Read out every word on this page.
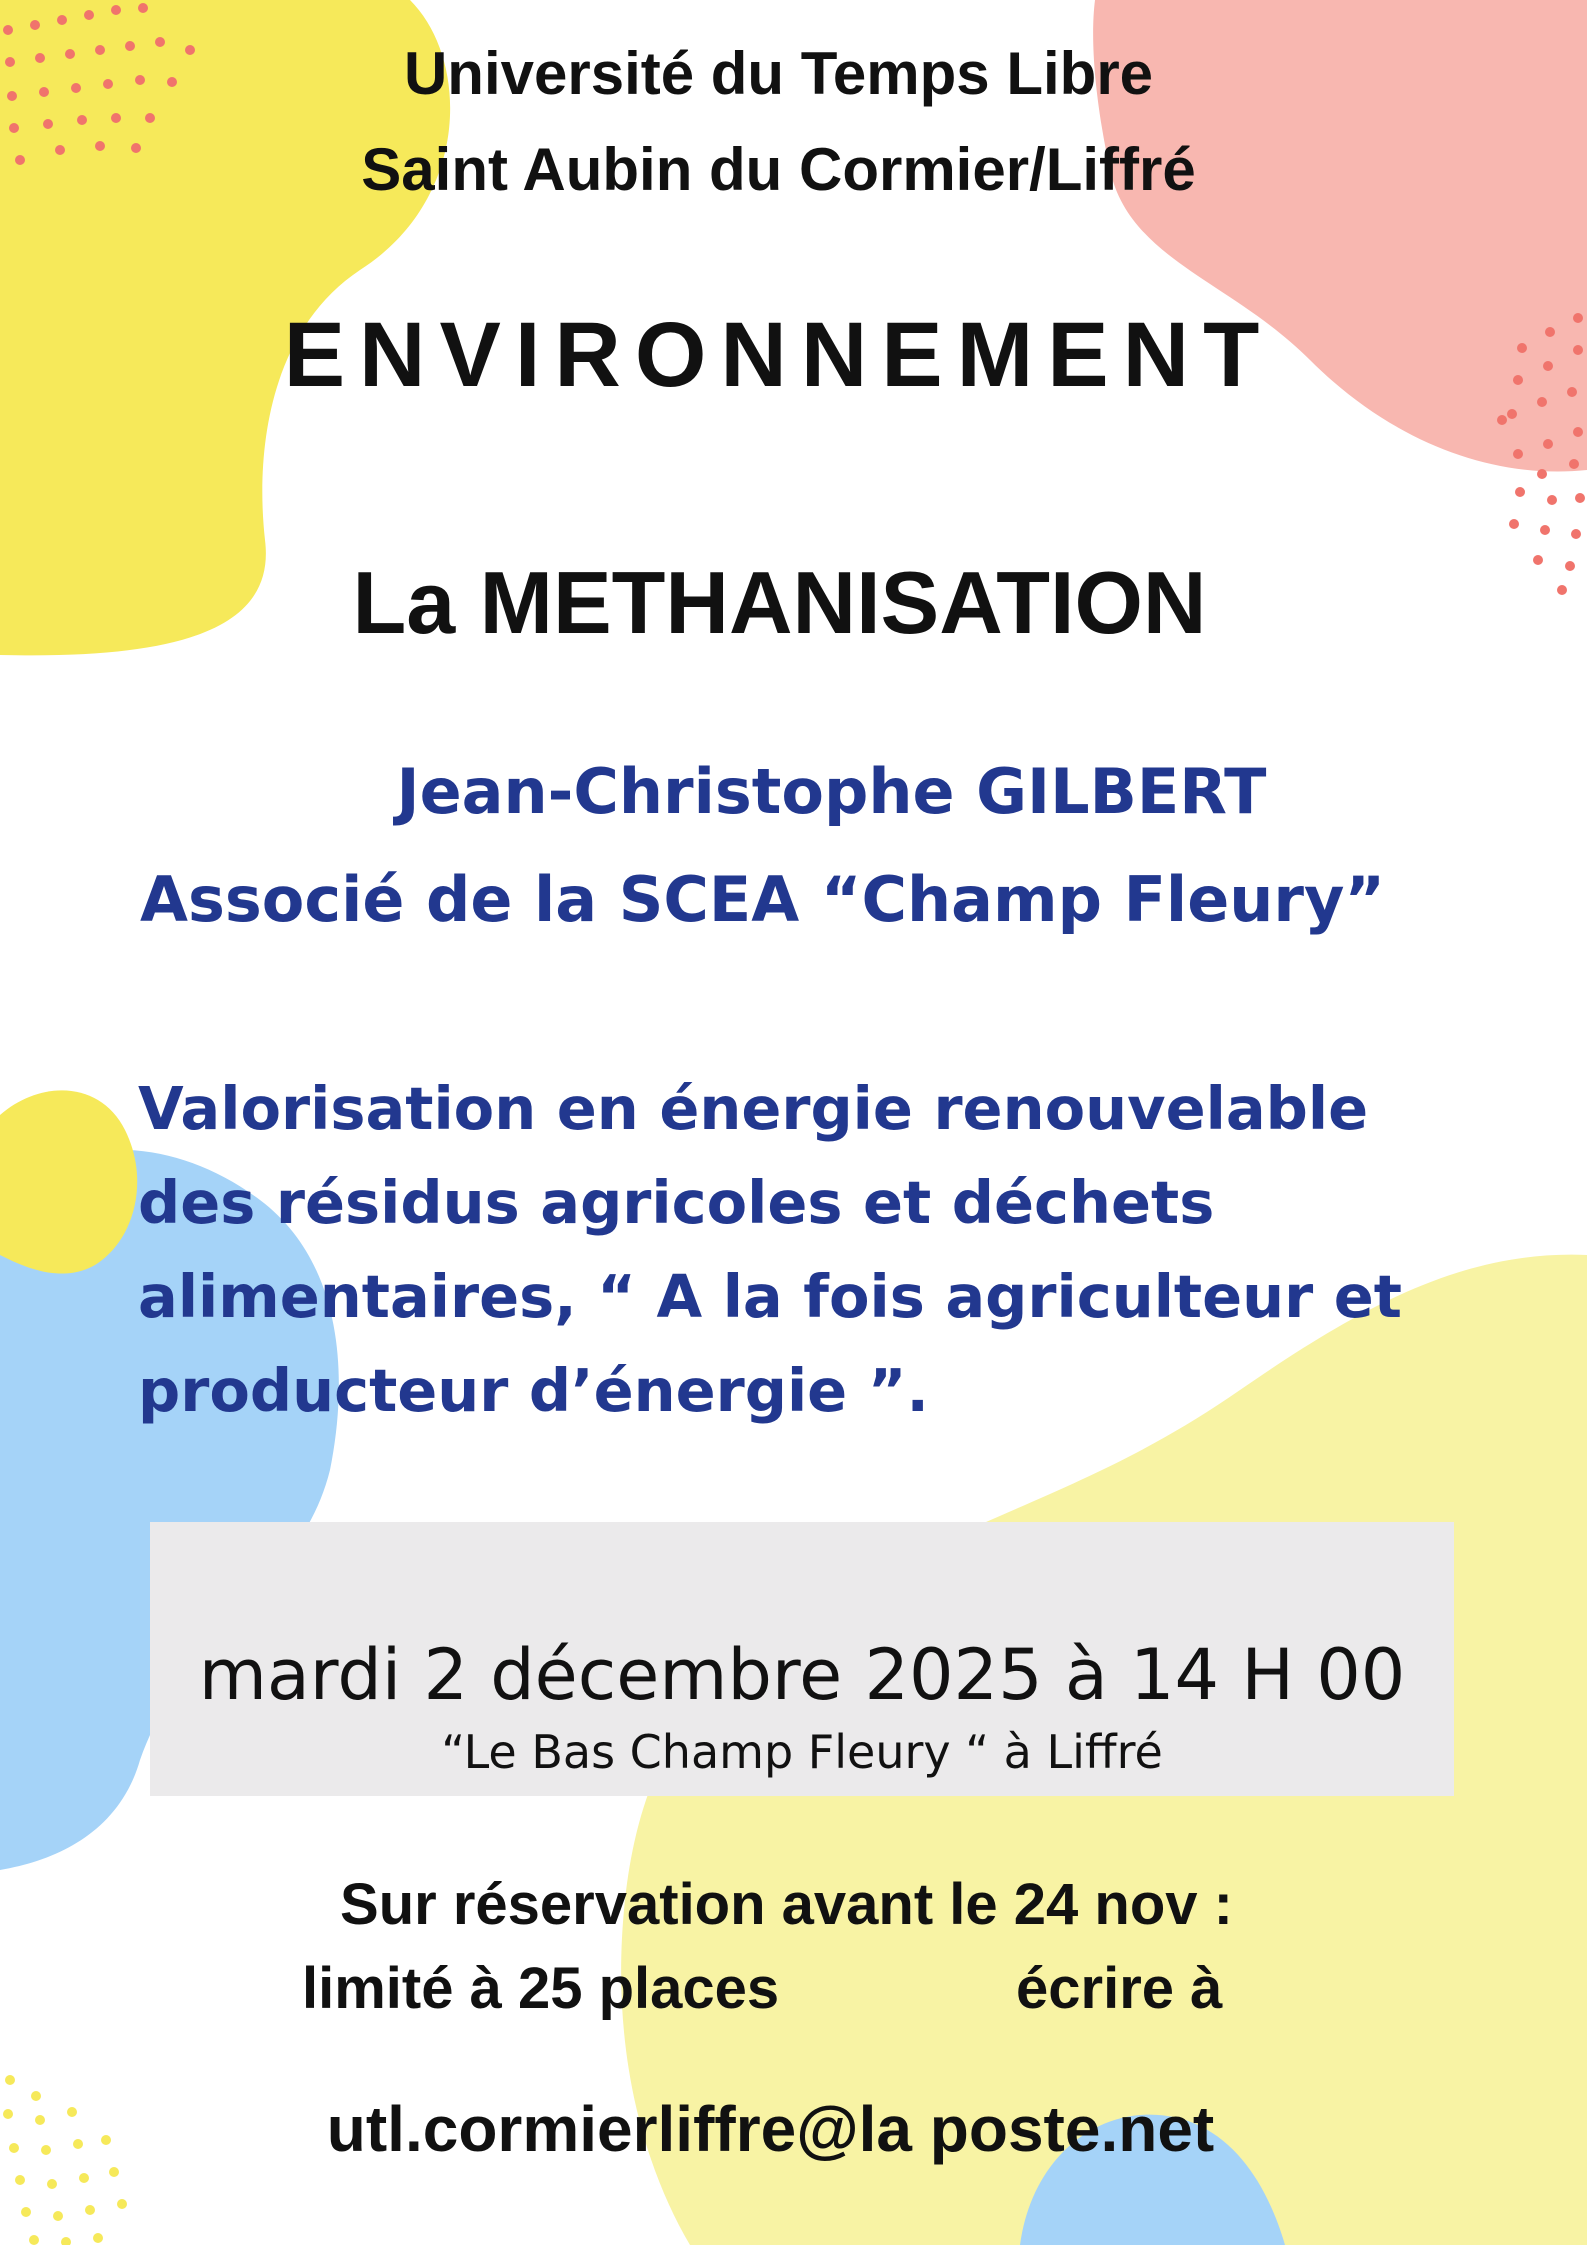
Université du Temps Libre
Saint Aubin du Cormier/Liffré
ENVIRONNEMENT
La METHANISATION
Jean-Christophe GILBERT
Associé de la SCEA “Champ Fleury”
Valorisation en énergie renouvelable
des résidus agricoles et déchets
alimentaires, “ A la fois agriculteur et
producteur d’énergie ”.
mardi 2 décembre 2025 à 14 H 00
“Le Bas Champ Fleury “ à Liffré
Sur réservation avant le 24 nov :
limité à 25 places	écrire à
utl.cormierliffre@la poste.net
